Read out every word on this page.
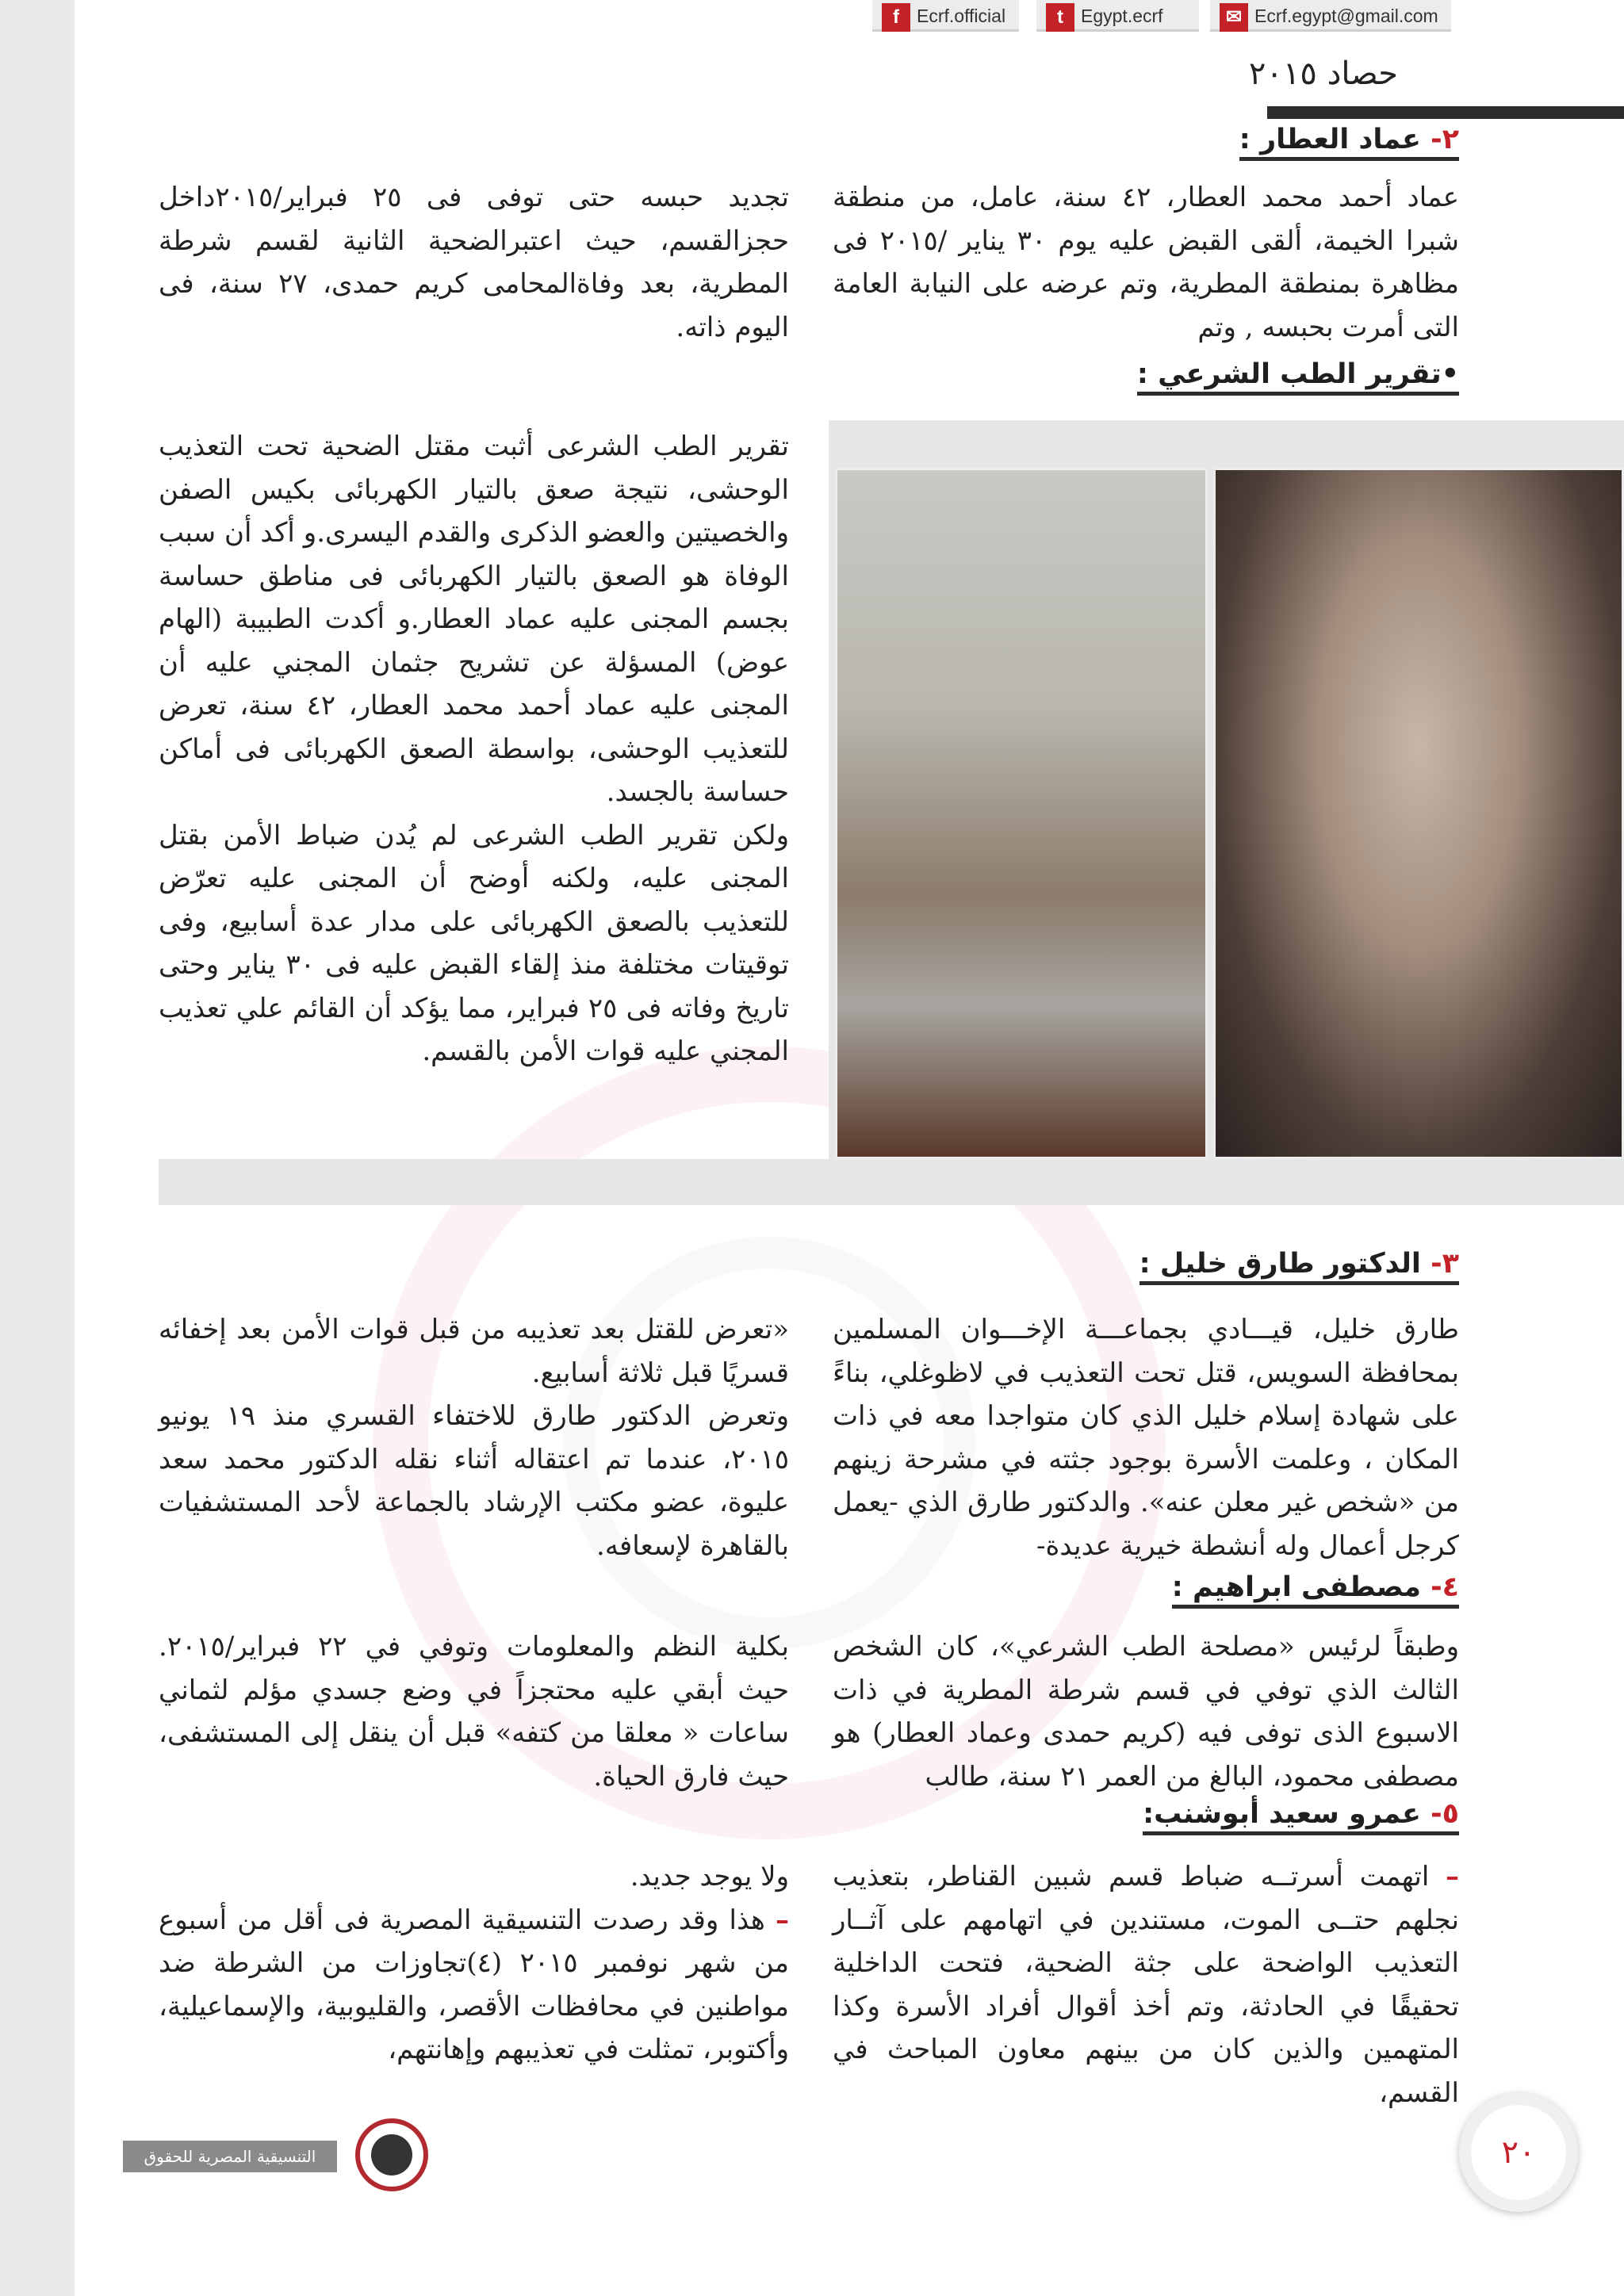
حصاد ٢٠١٥
٢- عماد العطار :

عماد أحمد محمد العطار، ٤٢ سنة، عامل، من منطقة شبرا الخيمة، ألقى القبض عليه يوم ٣٠ يناير /٢٠١٥ فى مظاهرة بمنطقة المطرية، وتم عرضه على النيابة العامة التى أمرت بحبسه , وتم

تجديد حبسه حتى توفى فى ٢٥ فبراير/٢٠١٥داخل حجزالقسم، حيث اعتبرالضحية الثانية لقسم شرطة المطرية، بعد وفاةالمحامى كريم حمدى، ٢٧ سنة، فى اليوم ذاته.

•تقرير الطب الشرعي :

تقرير الطب الشرعى أثبت مقتل الضحية تحت التعذيب الوحشى، نتيجة صعق بالتيار الكهربائى بكيس الصفن والخصيتين والعضو الذكرى والقدم اليسرى.و أكد أن سبب الوفاة هو الصعق بالتيار الكهربائى فى مناطق حساسة بجسم المجنى عليه عماد العطار.و أكدت الطبيبة (الهام عوض) المسؤلة عن تشريح جثمان المجني عليه أن المجنى عليه عماد أحمد محمد العطار، ٤٢ سنة، تعرض للتعذيب الوحشى، بواسطة الصعق الكهربائى فى أماكن حساسة بالجسد.

ولكن تقرير الطب الشرعى لم يُدن ضباط الأمن بقتل المجنى عليه، ولكنه أوضح أن المجنى عليه تعرّض للتعذيب بالصعق الكهربائى على مدار عدة أسابيع، وفى توقيتات مختلفة منذ إلقاء القبض عليه فى ٣٠ يناير وحتى تاريخ وفاته فى ٢٥ فبراير، مما يؤكد أن القائم علي تعذيب المجني عليه قوات الأمن بالقسم.

٣- الدكتور طارق خليل :

طارق خليل، قيـــادي بجماعـــة الإخـــوان المسلمين بمحافظة السويس، قتل تحت التعذيب في لاظوغلي، بناءً على شهادة إسلام خليل الذي كان متواجدا معه في ذات المكان ، وعلمت الأسرة بوجود جثته في مشرحة زينهم من «شخص غير معلن عنه». والدكتور طارق الذي -يعمل كرجل أعمال وله أنشطة خيرية عديدة-

«تعرض للقتل بعد تعذيبه من قبل قوات الأمن بعد إخفائه قسريًا قبل ثلاثة أسابيع.

وتعرض الدكتور طارق للاختفاء القسري منذ ١٩ يونيو ٢٠١٥، عندما تم اعتقاله أثناء نقله الدكتور محمد سعد عليوة، عضو مكتب الإرشاد بالجماعة لأحد المستشفيات بالقاهرة لإسعافه.

٤- مصطفى ابراهيم :

وطبقاً لرئيس «مصلحة الطب الشرعي»، كان الشخص الثالث الذي توفي في قسم شرطة المطرية في ذات الاسبوع الذى توفى فيه (كريم حمدى وعماد العطار) هو مصطفى محمود، البالغ من العمر ٢١ سنة، طالب

بكلية النظم والمعلومات وتوفي في ٢٢ فبراير/٢٠١٥. حيث أبقي عليه محتجزاً في وضع جسدي مؤلم لثماني ساعات « معلقا من كتفه» قبل أن ينقل إلى المستشفى، حيث فارق الحياة.

٥- عمرو سعيد أبوشنب:

– اتهمت أسرتــه ضباط قسم شبين القناطر، بتعذيب نجلهم حتــى الموت، مستندين في اتهامهم على آثــار التعذيب الواضحة على جثة الضحية، فتحت الداخلية تحقيقًا في الحادثة، وتم أخذ أقوال أفراد الأسرة وكذا المتهمين والذين كان من بينهم معاون المباحث في القسم،

ولا يوجد جديد.

– هذا وقد رصدت التنسيقية المصرية فى أقل من أسبوع من شهر نوفمبر ٢٠١٥ (٤)تجاوزات من الشرطة ضد مواطنين في محافظات الأقصر، والقليوبية، والإسماعيلية، وأكتوبر، تمثلت في تعذيبهم وإهانتهم،

التنسيقية المصرية للحقوق والحريات
f Ecrf.official	t Egypt.ecrf	✉ Ecrf.egypt@gmail.com
٢٠
